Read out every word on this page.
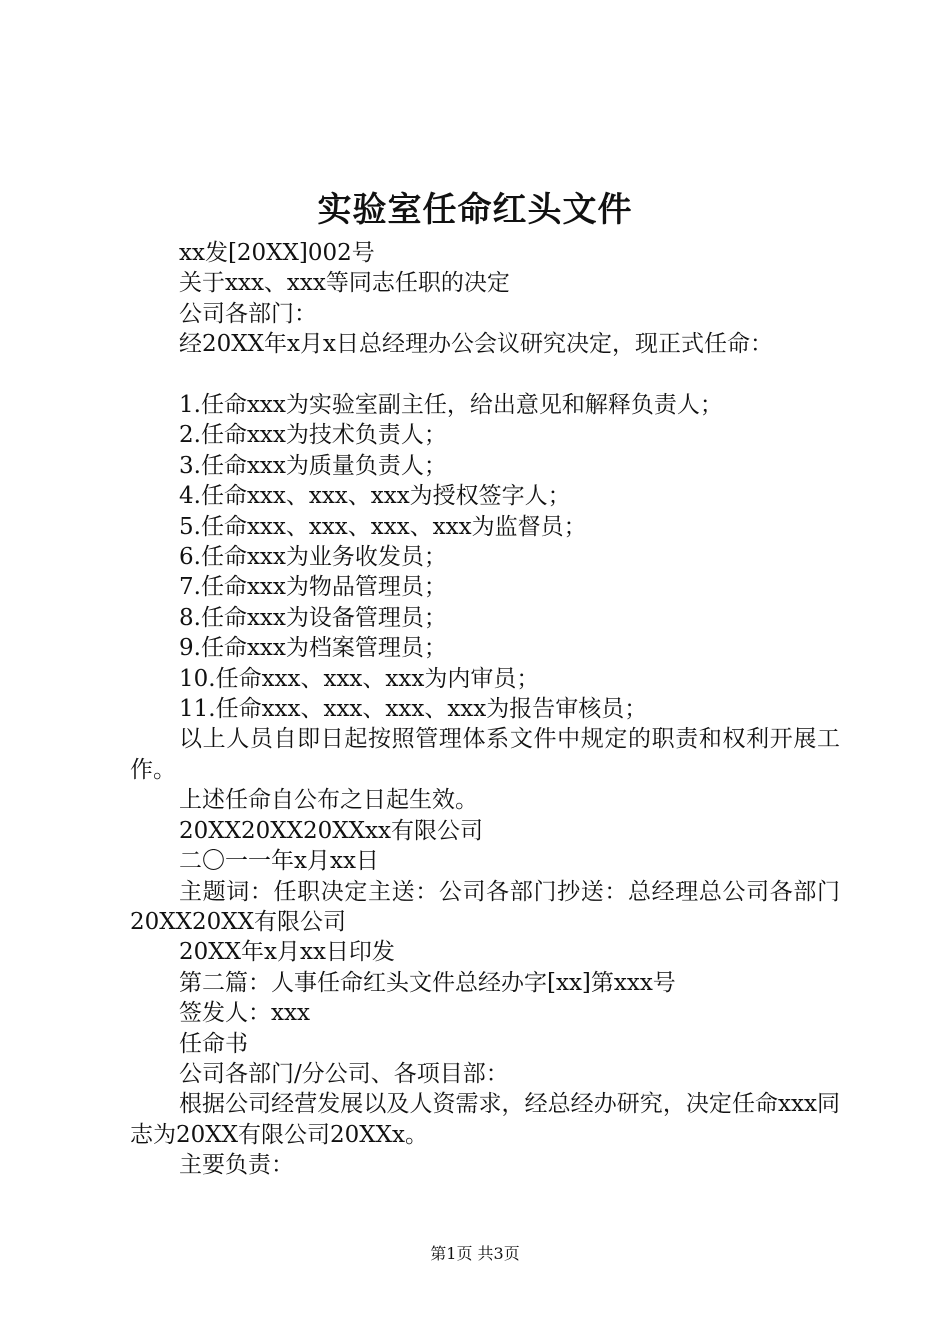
实验室任命红头文件

xx发[20XX]002号

关于xxx、xxx等同志任职的决定

公司各部门：

经20XX年x月x日总经理办公会议研究决定，现正式任命：

1.任命xxx为实验室副主任，给出意见和解释负责人；

2.任命xxx为技术负责人；

3.任命xxx为质量负责人；

4.任命xxx、xxx、xxx为授权签字人；

5.任命xxx、xxx、xxx、xxx为监督员；

6.任命xxx为业务收发员；

7.任命xxx为物品管理员；

8.任命xxx为设备管理员；

9.任命xxx为档案管理员；

10.任命xxx、xxx、xxx为内审员；

11.任命xxx、xxx、xxx、xxx为报告审核员；

以上人员自即日起按照管理体系文件中规定的职责和权利开展工作。

上述任命自公布之日起生效。

20XX20XX20XXxx有限公司

二〇一一年x月xx日

主题词：任职决定主送：公司各部门抄送：总经理总公司各部门20XX20XX有限公司

20XX年x月xx日印发

第二篇：人事任命红头文件总经办字[xx]第xxx号

签发人：xxx

任命书

公司各部门/分公司、各项目部：

根据公司经营发展以及人资需求，经总经办研究，决定任命xxx同志为20XX有限公司20XXx。

主要负责：

第1页 共3页
